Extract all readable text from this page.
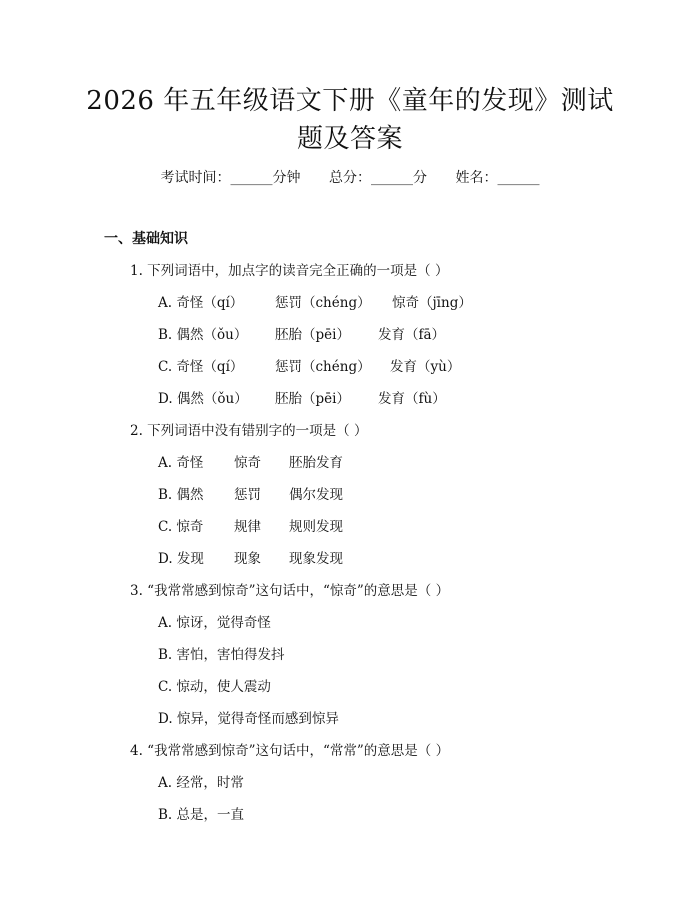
2026 年五年级语文下册《童年的发现》测试
题及答案
考试时间：______分钟 总分：______分 姓名：______
一、基础知识
1. 下列词语中，加点字的读音完全正确的一项是（ ）
A. 奇怪（qí） 惩罚（chéng） 惊奇（jīng）
B. 偶然（ǒu） 胚胎（pēi） 发育（fā）
C. 奇怪（qí） 惩罚（chéng） 发育（yù）
D. 偶然（ǒu） 胚胎（pēi） 发育（fù）
2. 下列词语中没有错别字的一项是（ ）
A. 奇怪 惊奇 胚胎发育
B. 偶然 惩罚 偶尔发现
C. 惊奇 规律 规则发现
D. 发现 现象 现象发现
3. “我常常感到惊奇”这句话中，“惊奇”的意思是（ ）
A. 惊讶，觉得奇怪
B. 害怕，害怕得发抖
C. 惊动，使人震动
D. 惊异，觉得奇怪而感到惊异
4. “我常常感到惊奇”这句话中，“常常”的意思是（ ）
A. 经常，时常
B. 总是，一直
